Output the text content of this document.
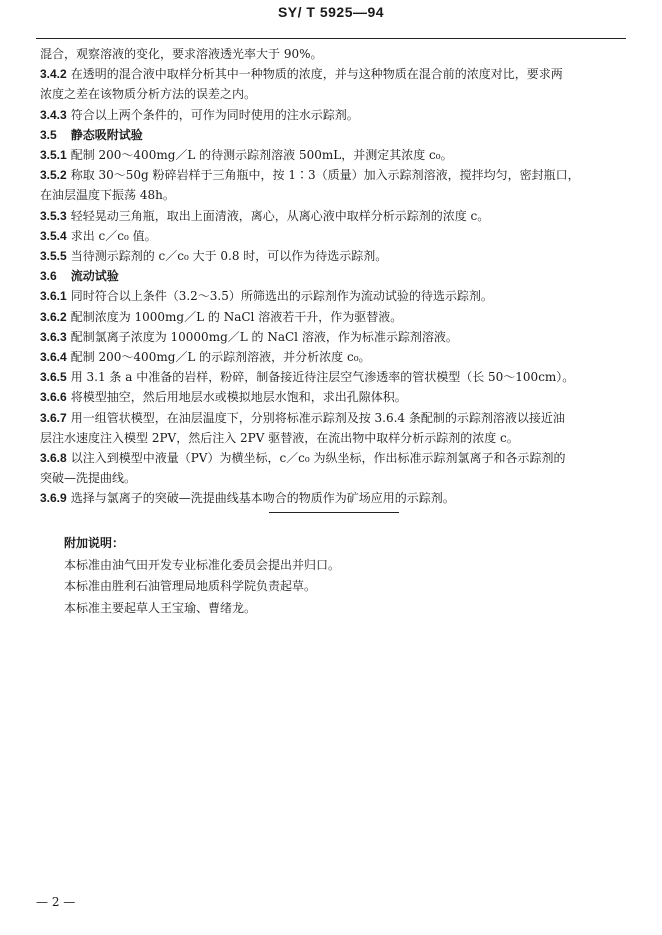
SY/ T 5925—94

混合，观察溶液的变化，要求溶液透光率大于 90%。

3.4.2 在透明的混合液中取样分析其中一种物质的浓度，并与这种物质在混合前的浓度对比，要求两

浓度之差在该物质分析方法的误差之内。

3.4.3 符合以上两个条件的，可作为同时使用的注水示踪剂。

3.5 静态吸附试验

3.5.1 配制 200～400mg／L 的待测示踪剂溶液 500mL，并测定其浓度 c₀。

3.5.2 称取 30～50g 粉碎岩样于三角瓶中，按 1∶3（质量）加入示踪剂溶液，搅拌均匀，密封瓶口，

在油层温度下振荡 48h。

3.5.3 轻轻晃动三角瓶，取出上面清液，离心，从离心液中取样分析示踪剂的浓度 c。

3.5.4 求出 c／c₀ 值。

3.5.5 当待测示踪剂的 c／c₀ 大于 0.8 时，可以作为待选示踪剂。

3.6 流动试验

3.6.1 同时符合以上条件（3.2～3.5）所筛选出的示踪剂作为流动试验的待选示踪剂。

3.6.2 配制浓度为 1000mg／L 的 NaCl 溶液若干升，作为驱替液。

3.6.3 配制氯离子浓度为 10000mg／L 的 NaCl 溶液，作为标准示踪剂溶液。

3.6.4 配制 200～400mg／L 的示踪剂溶液，并分析浓度 c₀。

3.6.5 用 3.1 条 a 中准备的岩样，粉碎，制备接近待注层空气渗透率的管状模型（长 50～100cm）。

3.6.6 将模型抽空，然后用地层水或模拟地层水饱和，求出孔隙体积。

3.6.7 用一组管状模型，在油层温度下，分别将标准示踪剂及按 3.6.4 条配制的示踪剂溶液以接近油

层注水速度注入模型 2PV，然后注入 2PV 驱替液，在流出物中取样分析示踪剂的浓度 c。

3.6.8 以注入到模型中液量（PV）为横坐标，c／c₀ 为纵坐标，作出标准示踪剂氯离子和各示踪剂的

突破—洗提曲线。

3.6.9 选择与氯离子的突破—洗提曲线基本吻合的物质作为矿场应用的示踪剂。

附加说明：

本标准由油气田开发专业标准化委员会提出并归口。

本标准由胜利石油管理局地质科学院负责起草。

本标准主要起草人王宝瑜、曹绪龙。

— 2 —
